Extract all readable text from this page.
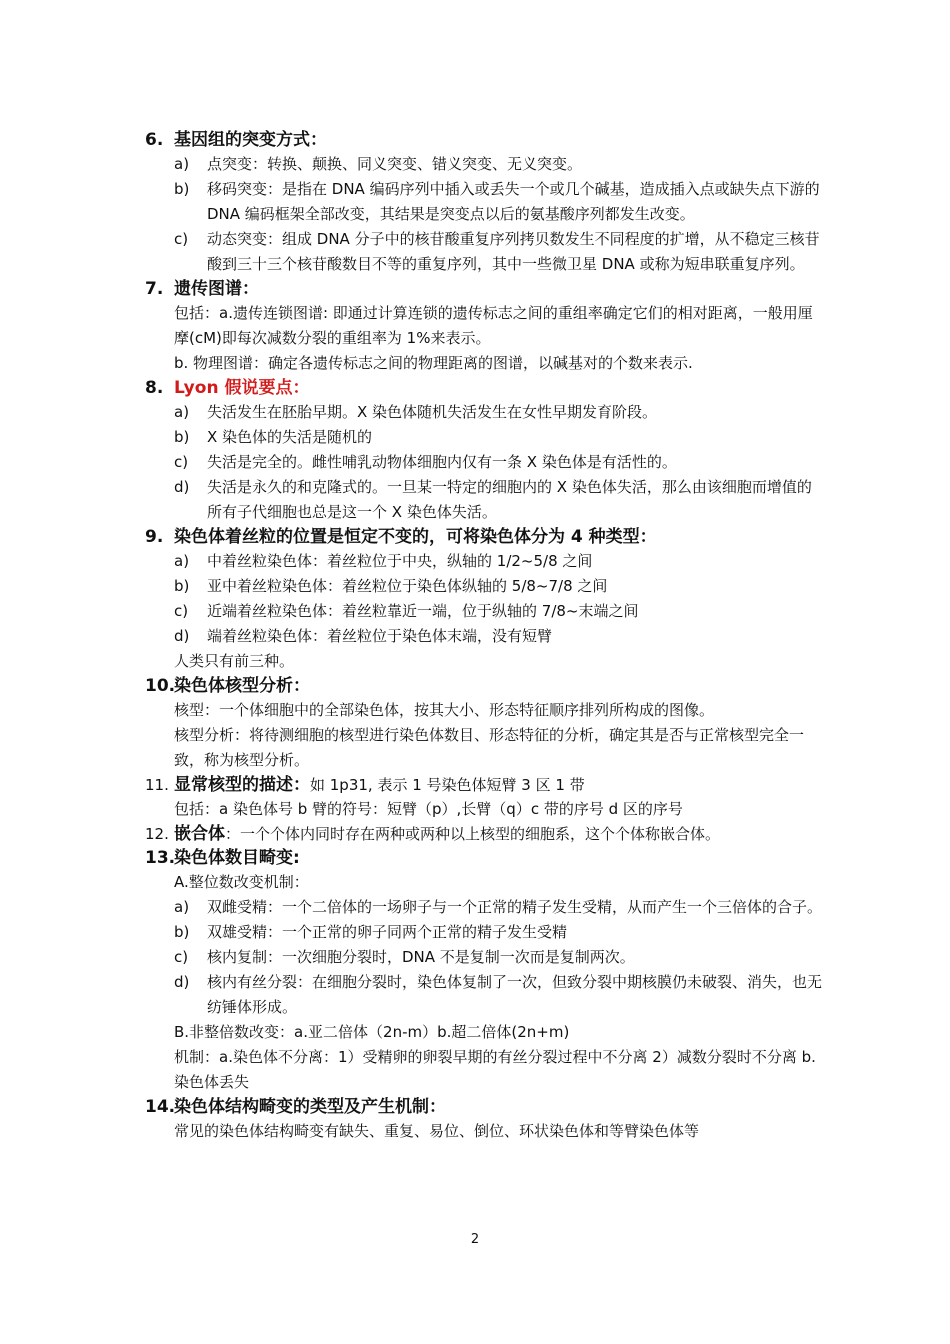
6. 基因组的突变方式：
a)	点突变：转换、颠换、同义突变、错义突变、无义突变。
b)	移码突变：是指在 DNA 编码序列中插入或丢失一个或几个碱基，造成插入点或缺失点下游的 DNA 编码框架全部改变，其结果是突变点以后的氨基酸序列都发生改变。
c)	动态突变：组成 DNA 分子中的核苷酸重复序列拷贝数发生不同程度的扩增，从不稳定三核苷酸到三十三个核苷酸数目不等的重复序列，其中一些微卫星 DNA 或称为短串联重复序列。
7. 遗传图谱：

包括：a.遗传连锁图谱: 即通过计算连锁的遗传标志之间的重组率确定它们的相对距离，一般用厘摩(cM)即每次减数分裂的重组率为 1%来表示。

b. 物理图谱：确定各遗传标志之间的物理距离的图谱，以碱基对的个数来表示.

8. Lyon 假说要点：
a)	失活发生在胚胎早期。X 染色体随机失活发生在女性早期发育阶段。
b)	X 染色体的失活是随机的
c)	失活是完全的。雌性哺乳动物体细胞内仅有一条 X 染色体是有活性的。
d)	失活是永久的和克隆式的。一旦某一特定的细胞内的 X 染色体失活，那么由该细胞而增值的所有子代细胞也总是这一个 X 染色体失活。
9. 染色体着丝粒的位置是恒定不变的，可将染色体分为 4 种类型：
a)	中着丝粒染色体：着丝粒位于中央，纵轴的 1/2~5/8 之间
b)	亚中着丝粒染色体：着丝粒位于染色体纵轴的 5/8~7/8 之间
c)	近端着丝粒染色体：着丝粒靠近一端，位于纵轴的 7/8~末端之间
d)	端着丝粒染色体：着丝粒位于染色体末端，没有短臂

人类只有前三种。

10.
染色体核型分析：

核型：一个体细胞中的全部染色体，按其大小、形态特征顺序排列所构成的图像。

核型分析：将待测细胞的核型进行染色体数目、形态特征的分析，确定其是否与正常核型完全一致，称为核型分析。

11. 显常核型的描述：如 1p31, 表示 1 号染色体短臂 3 区 1 带

包括：a 染色体号 b 臂的符号：短臂（p）,长臂（q）c 带的序号 d 区的序号

12. 嵌合体：一个个体内同时存在两种或两种以上核型的细胞系，这个个体称嵌合体。
13.
染色体数目畸变:

A.整位数改变机制：

a)	双雌受精：一个二倍体的一场卵子与一个正常的精子发生受精，从而产生一个三倍体的合子。
b)	双雄受精：一个正常的卵子同两个正常的精子发生受精
c)	核内复制：一次细胞分裂时，DNA 不是复制一次而是复制两次。
d)	核内有丝分裂：在细胞分裂时，染色体复制了一次，但致分裂中期核膜仍未破裂、消失，也无纺锤体形成。

B.非整倍数改变：a.亚二倍体（2n-m）b.超二倍体(2n+m)

机制：a.染色体不分离：1）受精卵的卵裂早期的有丝分裂过程中不分离 2）减数分裂时不分离 b.染色体丢失

14.
染色体结构畸变的类型及产生机制：

常见的染色体结构畸变有缺失、重复、易位、倒位、环状染色体和等臂染色体等

2
